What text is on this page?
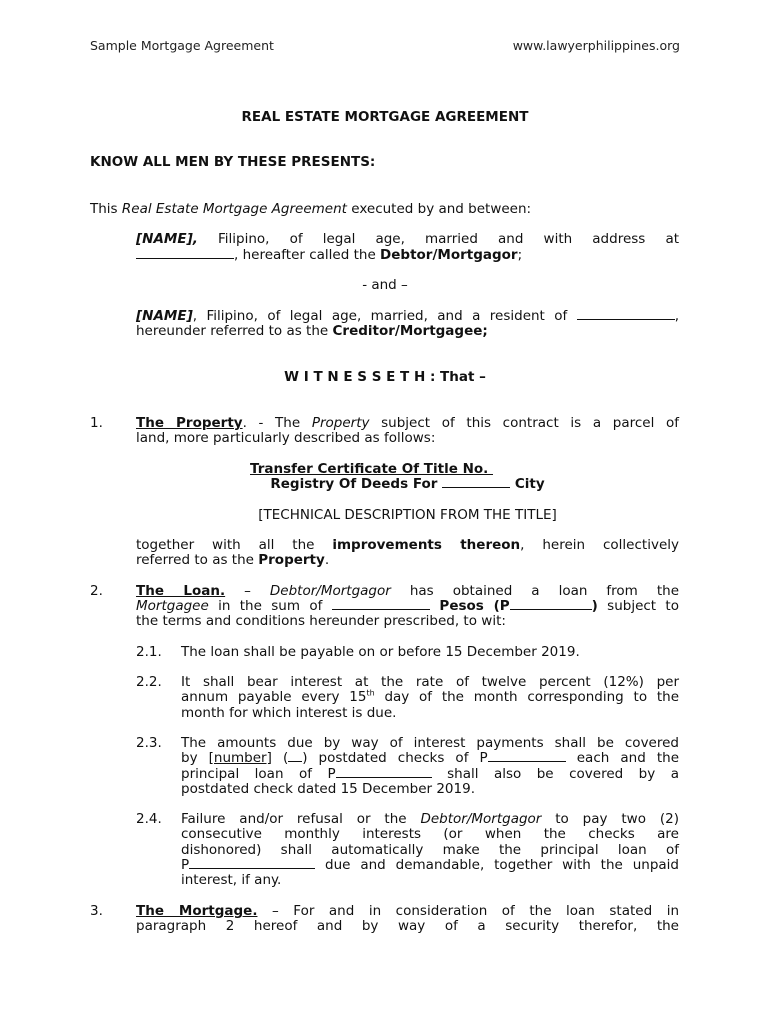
Sample Mortgage Agreement	www.lawyerphilippines.org
REAL ESTATE MORTGAGE AGREEMENT
KNOW ALL MEN BY THESE PRESENTS:
This Real Estate Mortgage Agreement executed by and between:
[NAME], Filipino, of legal age, married and with address at
, hereafter called the Debtor/Mortgagor;
- and –
[NAME], Filipino, of legal age, married, and a resident of	,
hereunder referred to as the Creditor/Mortgagee;
W I T N E S S E T H : That –
1. The Property. - The Property subject of this contract is a parcel of
land, more particularly described as follows:
Transfer Certificate Of Title No.
Registry Of Deeds For	City
[TECHNICAL DESCRIPTION FROM THE TITLE]
together with all the improvements thereon, herein collectively
referred to as the Property.
2. The Loan. – Debtor/Mortgagor has obtained a loan from the
Mortgagee in the sum of	Pesos (P	) subject to
the terms and conditions hereunder prescribed, to wit:
2.1. The loan shall be payable on or before 15 December 2019.
2.2. It shall bear interest at the rate of twelve percent (12%) per
annum payable every 15th day of the month corresponding to the
month for which interest is due.
2.3. The amounts due by way of interest payments shall be covered
by [number] ( ) postdated checks of P	each and the
principal loan of P	shall also be covered by a
postdated check dated 15 December 2019.
2.4. Failure and/or refusal or the Debtor/Mortgagor to pay two (2)
consecutive monthly interests (or when the checks are
dishonored) shall automatically make the principal loan of
P	due and demandable, together with the unpaid
interest, if any.
3. The Mortgage. – For and in consideration of the loan stated in
paragraph 2 hereof and by way of a security therefor, the
